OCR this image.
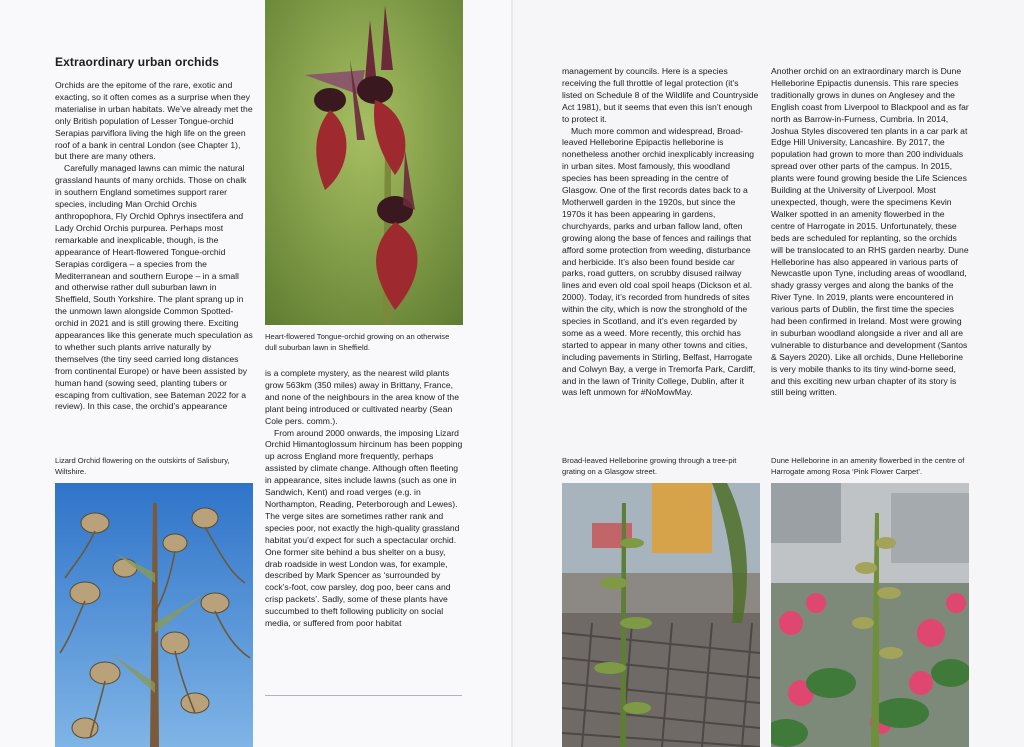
Extraordinary urban orchids

Orchids are the epitome of the rare, exotic and exacting, so it often comes as a surprise when they materialise in urban habitats. We’ve already met the only British population of Lesser Tongue-orchid Serapias parviflora living the high life on the green roof of a bank in central London (see Chapter 1), but there are many others.

Carefully managed lawns can mimic the natural grassland haunts of many orchids. Those on chalk in southern England sometimes support rarer species, including Man Orchid Orchis anthropophora, Fly Orchid Ophrys insectifera and Lady Orchid Orchis purpurea. Perhaps most remarkable and inexplicable, though, is the appearance of Heart-flowered Tongue-orchid Serapias cordigera – a species from the Mediterranean and southern Europe – in a small and otherwise rather dull suburban lawn in Sheffield, South Yorkshire. The plant sprang up in the unmown lawn alongside Common Spotted-orchid in 2021 and is still growing there. Exciting appearances like this generate much speculation as to whether such plants arrive naturally by themselves (the tiny seed carried long distances from continental Europe) or have been assisted by human hand (sowing seed, planting tubers or escaping from cultivation, see Bateman 2022 for a review). In this case, the orchid’s appearance

Lizard Orchid flowering on the outskirts of Salisbury, Wiltshire.
Heart-flowered Tongue-orchid growing on an otherwise dull suburban lawn in Sheffield.

is a complete mystery, as the nearest wild plants grow 563km (350 miles) away in Brittany, France, and none of the neighbours in the area know of the plant being introduced or cultivated nearby (Sean Cole pers. comm.).

From around 2000 onwards, the imposing Lizard Orchid Himantoglossum hircinum has been popping up across England more frequently, perhaps assisted by climate change. Although often fleeting in appearance, sites include lawns (such as one in Sandwich, Kent) and road verges (e.g. in Northampton, Reading, Peterborough and Lewes). The verge sites are sometimes rather rank and species poor, not exactly the high-quality grassland habitat you’d expect for such a spectacular orchid. One former site behind a bus shelter on a busy, drab roadside in west London was, for example, described by Mark Spencer as ‘surrounded by cock’s-foot, cow parsley, dog poo, beer cans and crisp packets’. Sadly, some of these plants have succumbed to theft following publicity on social media, or suffered from poor habitat

management by councils. Here is a species receiving the full throttle of legal protection (it’s listed on Schedule 8 of the Wildlife and Countryside Act 1981), but it seems that even this isn’t enough to protect it.

Much more common and widespread, Broad-leaved Helleborine Epipactis helleborine is nonetheless another orchid inexplicably increasing in urban sites. Most famously, this woodland species has been spreading in the centre of Glasgow. One of the first records dates back to a Motherwell garden in the 1920s, but since the 1970s it has been appearing in gardens, churchyards, parks and urban fallow land, often growing along the base of fences and railings that afford some protection from weeding, disturbance and herbicide. It’s also been found beside car parks, road gutters, on scrubby disused railway lines and even old coal spoil heaps (Dickson et al. 2000). Today, it’s recorded from hundreds of sites within the city, which is now the stronghold of the species in Scotland, and it’s even regarded by some as a weed. More recently, this orchid has started to appear in many other towns and cities, including pavements in Stirling, Belfast, Harrogate and Colwyn Bay, a verge in Tremorfa Park, Cardiff, and in the lawn of Trinity College, Dublin, after it was left unmown for #NoMowMay.

Broad-leaved Helleborine growing through a tree-pit grating on a Glasgow street.

Another orchid on an extraordinary march is Dune Helleborine Epipactis dunensis. This rare species traditionally grows in dunes on Anglesey and the English coast from Liverpool to Blackpool and as far north as Barrow-in-Furness, Cumbria. In 2014, Joshua Styles discovered ten plants in a car park at Edge Hill University, Lancashire. By 2017, the population had grown to more than 200 individuals spread over other parts of the campus. In 2015, plants were found growing beside the Life Sciences Building at the University of Liverpool. Most unexpected, though, were the specimens Kevin Walker spotted in an amenity flowerbed in the centre of Harrogate in 2015. Unfortunately, these beds are scheduled for replanting, so the orchids will be translocated to an RHS garden nearby. Dune Helleborine has also appeared in various parts of Newcastle upon Tyne, including areas of woodland, shady grassy verges and along the banks of the River Tyne. In 2019, plants were encountered in various parts of Dublin, the first time the species had been confirmed in Ireland. Most were growing in suburban woodland alongside a river and all are vulnerable to disturbance and development (Santos & Sayers 2020). Like all orchids, Dune Helleborine is very mobile thanks to its tiny wind-borne seed, and this exciting new urban chapter of its story is still being written.

Dune Helleborine in an amenity flowerbed in the centre of Harrogate among Rosa ‘Pink Flower Carpet’.
